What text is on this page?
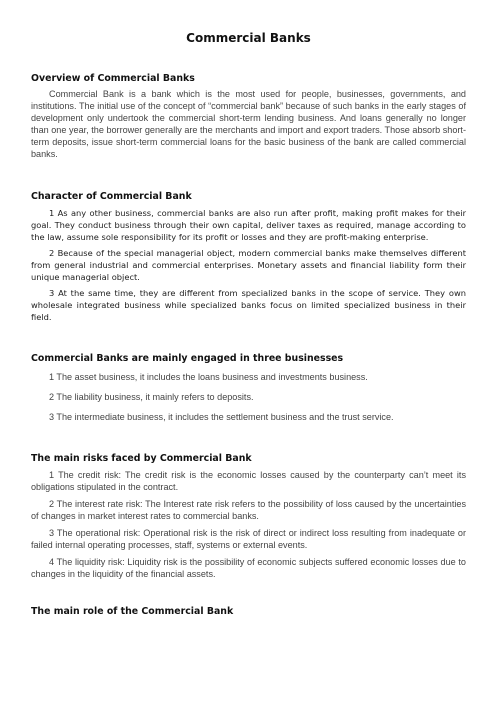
Commercial Banks
Overview of Commercial Banks

Commercial Bank is a bank which is the most used for people, businesses, governments, and institutions. The initial use of the concept of “commercial bank” because of such banks in the early stages of development only undertook the commercial short-term lending business. And loans generally no longer than one year, the borrower generally are the merchants and import and export traders. Those absorb short-term deposits, issue short-term commercial loans for the basic business of the bank are called commercial banks.

Character of Commercial Bank

1 As any other business, commercial banks are also run after profit, making profit makes for their goal. They conduct business through their own capital, deliver taxes as required, manage according to the law, assume sole responsibility for its profit or losses and they are profit-making enterprise.

2 Because of the special managerial object, modern commercial banks make themselves different from general industrial and commercial enterprises. Monetary assets and financial liability form their unique managerial object.

3 At the same time, they are different from specialized banks in the scope of service. They own wholesale integrated business while specialized banks focus on limited specialized business in their field.

Commercial Banks are mainly engaged in three businesses

1 The asset business, it includes the loans business and investments business.

2 The liability business, it mainly refers to deposits.

3 The intermediate business, it includes the settlement business and the trust service.

The main risks faced by Commercial Bank

1 The credit risk: The credit risk is the economic losses caused by the counterparty can’t meet its obligations stipulated in the contract.

2 The interest rate risk: The Interest rate risk refers to the possibility of loss caused by the uncertainties of changes in market interest rates to commercial banks.

3 The operational risk: Operational risk is the risk of direct or indirect loss resulting from inadequate or failed internal operating processes, staff, systems or external events.

4 The liquidity risk: Liquidity risk is the possibility of economic subjects suffered economic losses due to changes in the liquidity of the financial assets.

The main role of the Commercial Bank
